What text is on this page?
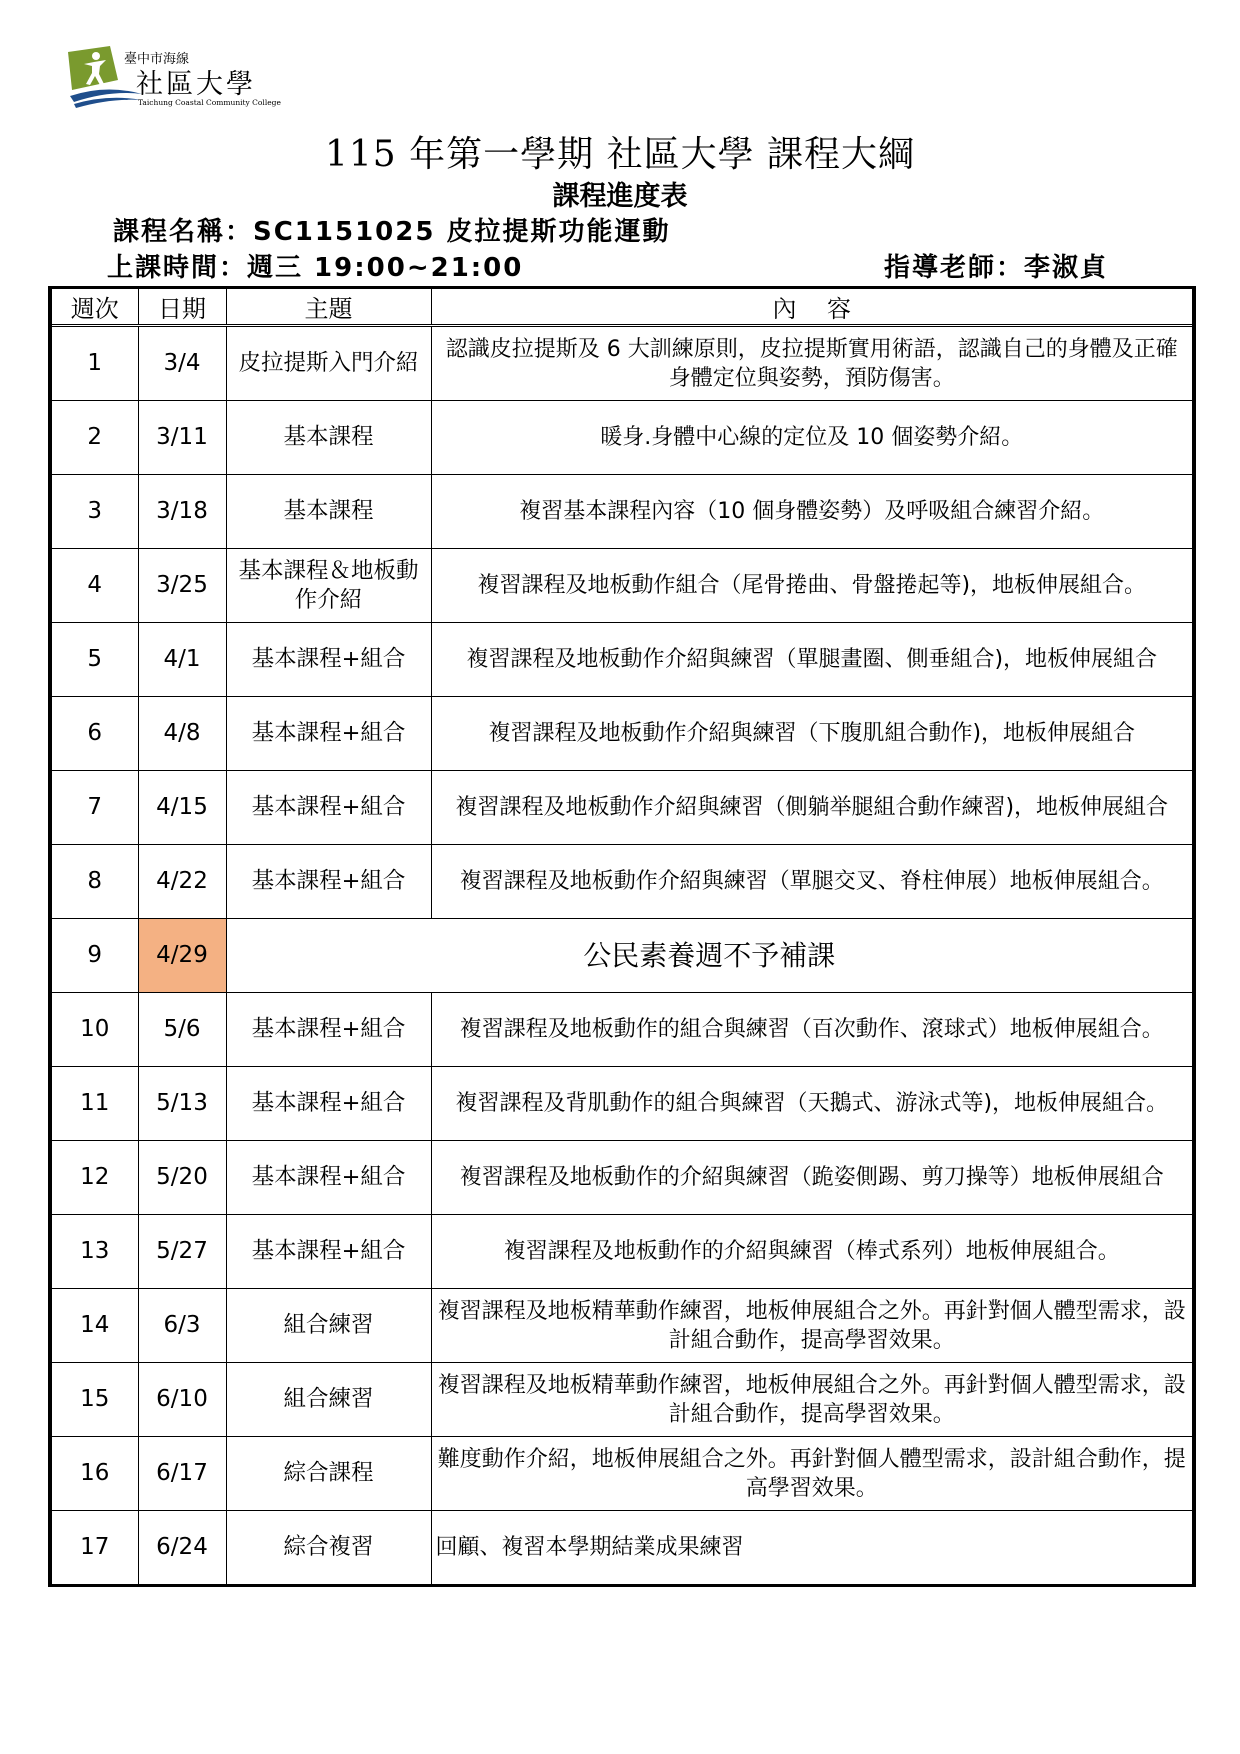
臺中市海線
社區大學
Taichung Coastal Community College
115 年第一學期 社區大學 課程大綱
課程進度表
課程名稱：SC1151025 皮拉提斯功能運動
上課時間：週三 19:00~21:00	指導老師：李淑貞
週次	日期	主題	內    容
1	3/4	皮拉提斯入門介紹	認識皮拉提斯及 6 大訓練原則，皮拉提斯實用術語，認識自己的身體及正確身體定位與姿勢，預防傷害。
2	3/11	基本課程	暖身.身體中心線的定位及 10 個姿勢介紹。
3	3/18	基本課程	複習基本課程內容（10 個身體姿勢）及呼吸組合練習介紹。
4	3/25	基本課程＆地板動作介紹	複習課程及地板動作組合（尾骨捲曲、骨盤捲起等)，地板伸展組合。
5	4/1	基本課程+組合	複習課程及地板動作介紹與練習（單腿畫圈、側垂組合)，地板伸展組合
6	4/8	基本課程+組合	複習課程及地板動作介紹與練習（下腹肌組合動作)，地板伸展組合
7	4/15	基本課程+組合	複習課程及地板動作介紹與練習（側躺举腿組合動作練習)，地板伸展組合
8	4/22	基本課程+組合	複習課程及地板動作介紹與練習（單腿交叉、脊柱伸展）地板伸展組合。
9	4/29	公民素養週不予補課	
10	5/6	基本課程+組合	複習課程及地板動作的組合與練習（百次動作、滾球式）地板伸展組合。
11	5/13	基本課程+組合	複習課程及背肌動作的組合與練習（天鵝式、游泳式等)，地板伸展組合。
12	5/20	基本課程+組合	複習課程及地板動作的介紹與練習（跪姿側踢、剪刀操等）地板伸展組合
13	5/27	基本課程+組合	複習課程及地板動作的介紹與練習（棒式系列）地板伸展組合。
14	6/3	組合練習	複習課程及地板精華動作練習，地板伸展組合之外。再針對個人體型需求，設計組合動作，提高學習效果。
15	6/10	組合練習	複習課程及地板精華動作練習，地板伸展組合之外。再針對個人體型需求，設計組合動作，提高學習效果。
16	6/17	綜合課程	難度動作介紹，地板伸展組合之外。再針對個人體型需求，設計組合動作，提高學習效果。
17	6/24	綜合複習	回顧、複習本學期結業成果練習
